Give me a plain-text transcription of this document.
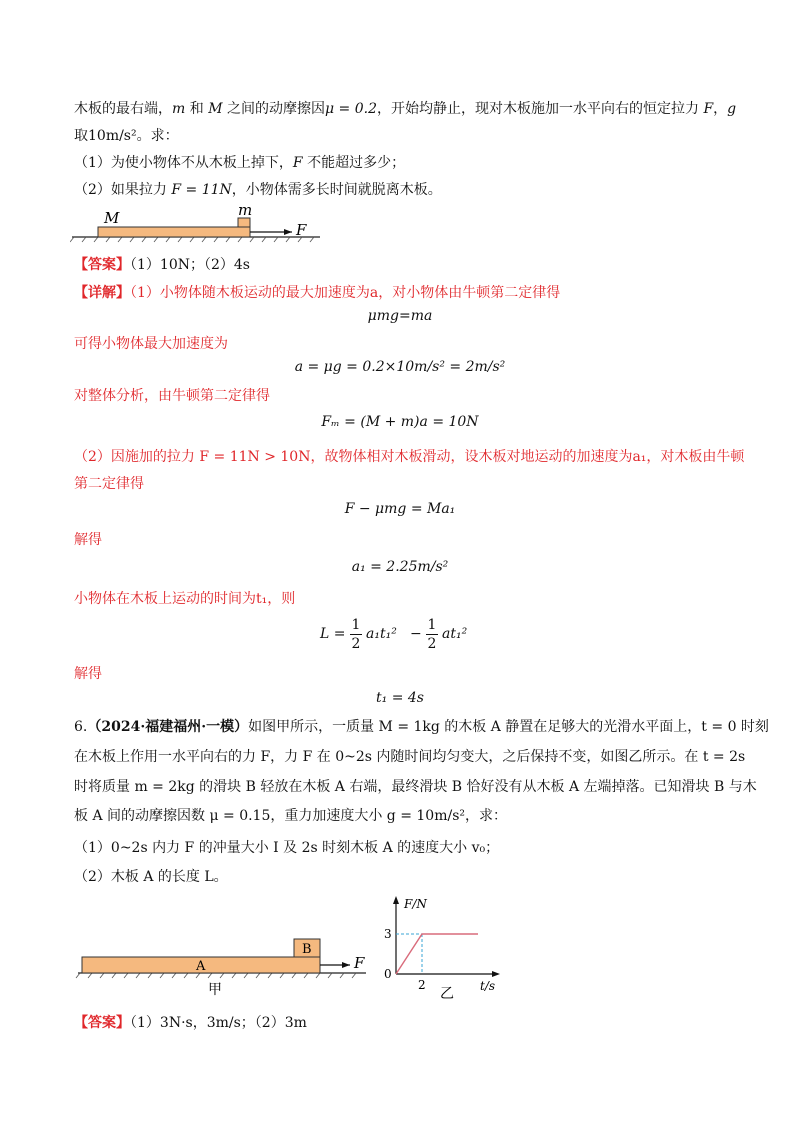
木板的最右端，m 和 M 之间的动摩擦因μ = 0.2，开始均静止，现对木板施加一水平向右的恒定拉力 F，g
取10m/s²。求：
（1）为使小物体不从木板上掉下，F 不能超过多少；
（2）如果拉力 F = 11N，小物体需多长时间就脱离木板。
M	m
F
【答案】（1）10N；（2）4s
【详解】（1）小物体随木板运动的最大加速度为a，对小物体由牛顿第二定律得
μmg=ma
可得小物体最大加速度为
a = μg = 0.2×10m/s² = 2m/s²
对整体分析，由牛顿第二定律得
Fₘ = (M + m)a = 10N
（2）因施加的拉力 F = 11N > 10N，故物体相对木板滑动，设木板对地运动的加速度为a₁，对木板由牛顿
第二定律得
F − μmg = Ma₁
解得
a₁ = 2.25m/s²
小物体在木板上运动的时间为t₁，则
$L = \frac{1}{2} a_1t_1^2 - \frac{1}{2} at_1^2$
解得
t₁ = 4s
6.（2024·福建福州·一模）如图甲所示，一质量 M = 1kg 的木板 A 静置在足够大的光滑水平面上，t = 0 时刻
在木板上作用一水平向右的力 F，力 F 在 0~2s 内随时间均匀变大，之后保持不变，如图乙所示。在 t = 2s
时将质量 m = 2kg 的滑块 B 轻放在木板 A 右端，最终滑块 B 恰好没有从木板 A 左端掉落。已知滑块 B 与木
板 A 间的动摩擦因数 μ = 0.15，重力加速度大小 g = 10m/s²，求：
（1）0~2s 内力 F 的冲量大小 I 及 2s 时刻木板 A 的速度大小 v₀；
（2）木板 A 的长度 L。
A
B
F
甲
F/N
t/s
3
0
2
乙
【答案】（1）3N·s，3m/s；（2）3m
